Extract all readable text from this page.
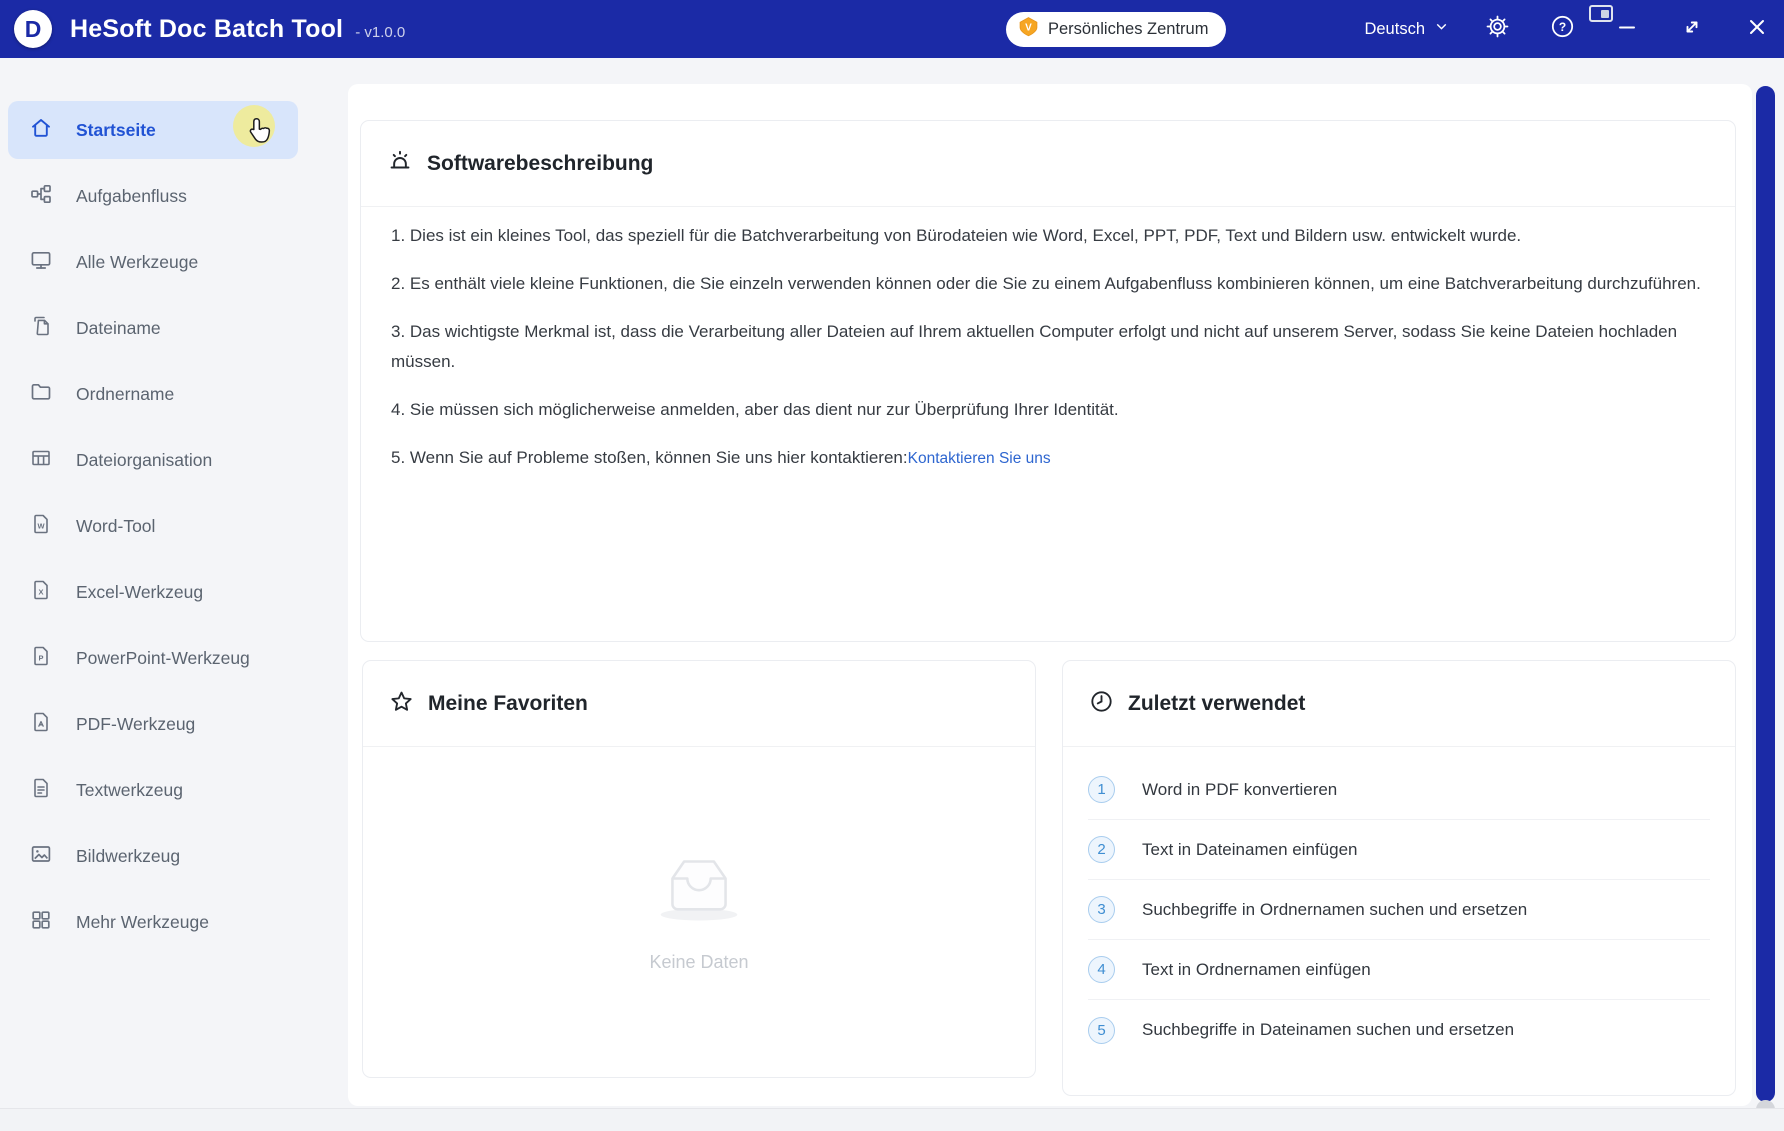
D HeSoft Doc Batch Tool - v1.0.0	V Persönliches Zentrum	Deutsch	?
Startseite
Aufgabenfluss
Alle Werkzeuge
Dateiname
Ordnername
Dateiorganisation
W Word-Tool
X Excel-Werkzeug
P PowerPoint-Werkzeug
PDF-Werkzeug
Textwerkzeug
Bildwerkzeug
Mehr Werkzeuge
Softwarebeschreibung

1. Dies ist ein kleines Tool, das speziell für die Batchverarbeitung von Bürodateien wie Word, Excel, PPT, PDF, Text und Bildern usw. entwickelt wurde.

2. Es enthält viele kleine Funktionen, die Sie einzeln verwenden können oder die Sie zu einem Aufgabenfluss kombinieren können, um eine Batchverarbeitung durchzuführen.

3. Das wichtigste Merkmal ist, dass die Verarbeitung aller Dateien auf Ihrem aktuellen Computer erfolgt und nicht auf unserem Server, sodass Sie keine Dateien hochladen müssen.

4. Sie müssen sich möglicherweise anmelden, aber das dient nur zur Überprüfung Ihrer Identität.

5. Wenn Sie auf Probleme stoßen, können Sie uns hier kontaktieren:Kontaktieren Sie uns

Meine Favoriten
Keine Daten
Zuletzt verwendet
1	Word in PDF konvertieren
2	Text in Dateinamen einfügen
3	Suchbegriffe in Ordnernamen suchen und ersetzen
4	Text in Ordnernamen einfügen
5	Suchbegriffe in Dateinamen suchen und ersetzen
